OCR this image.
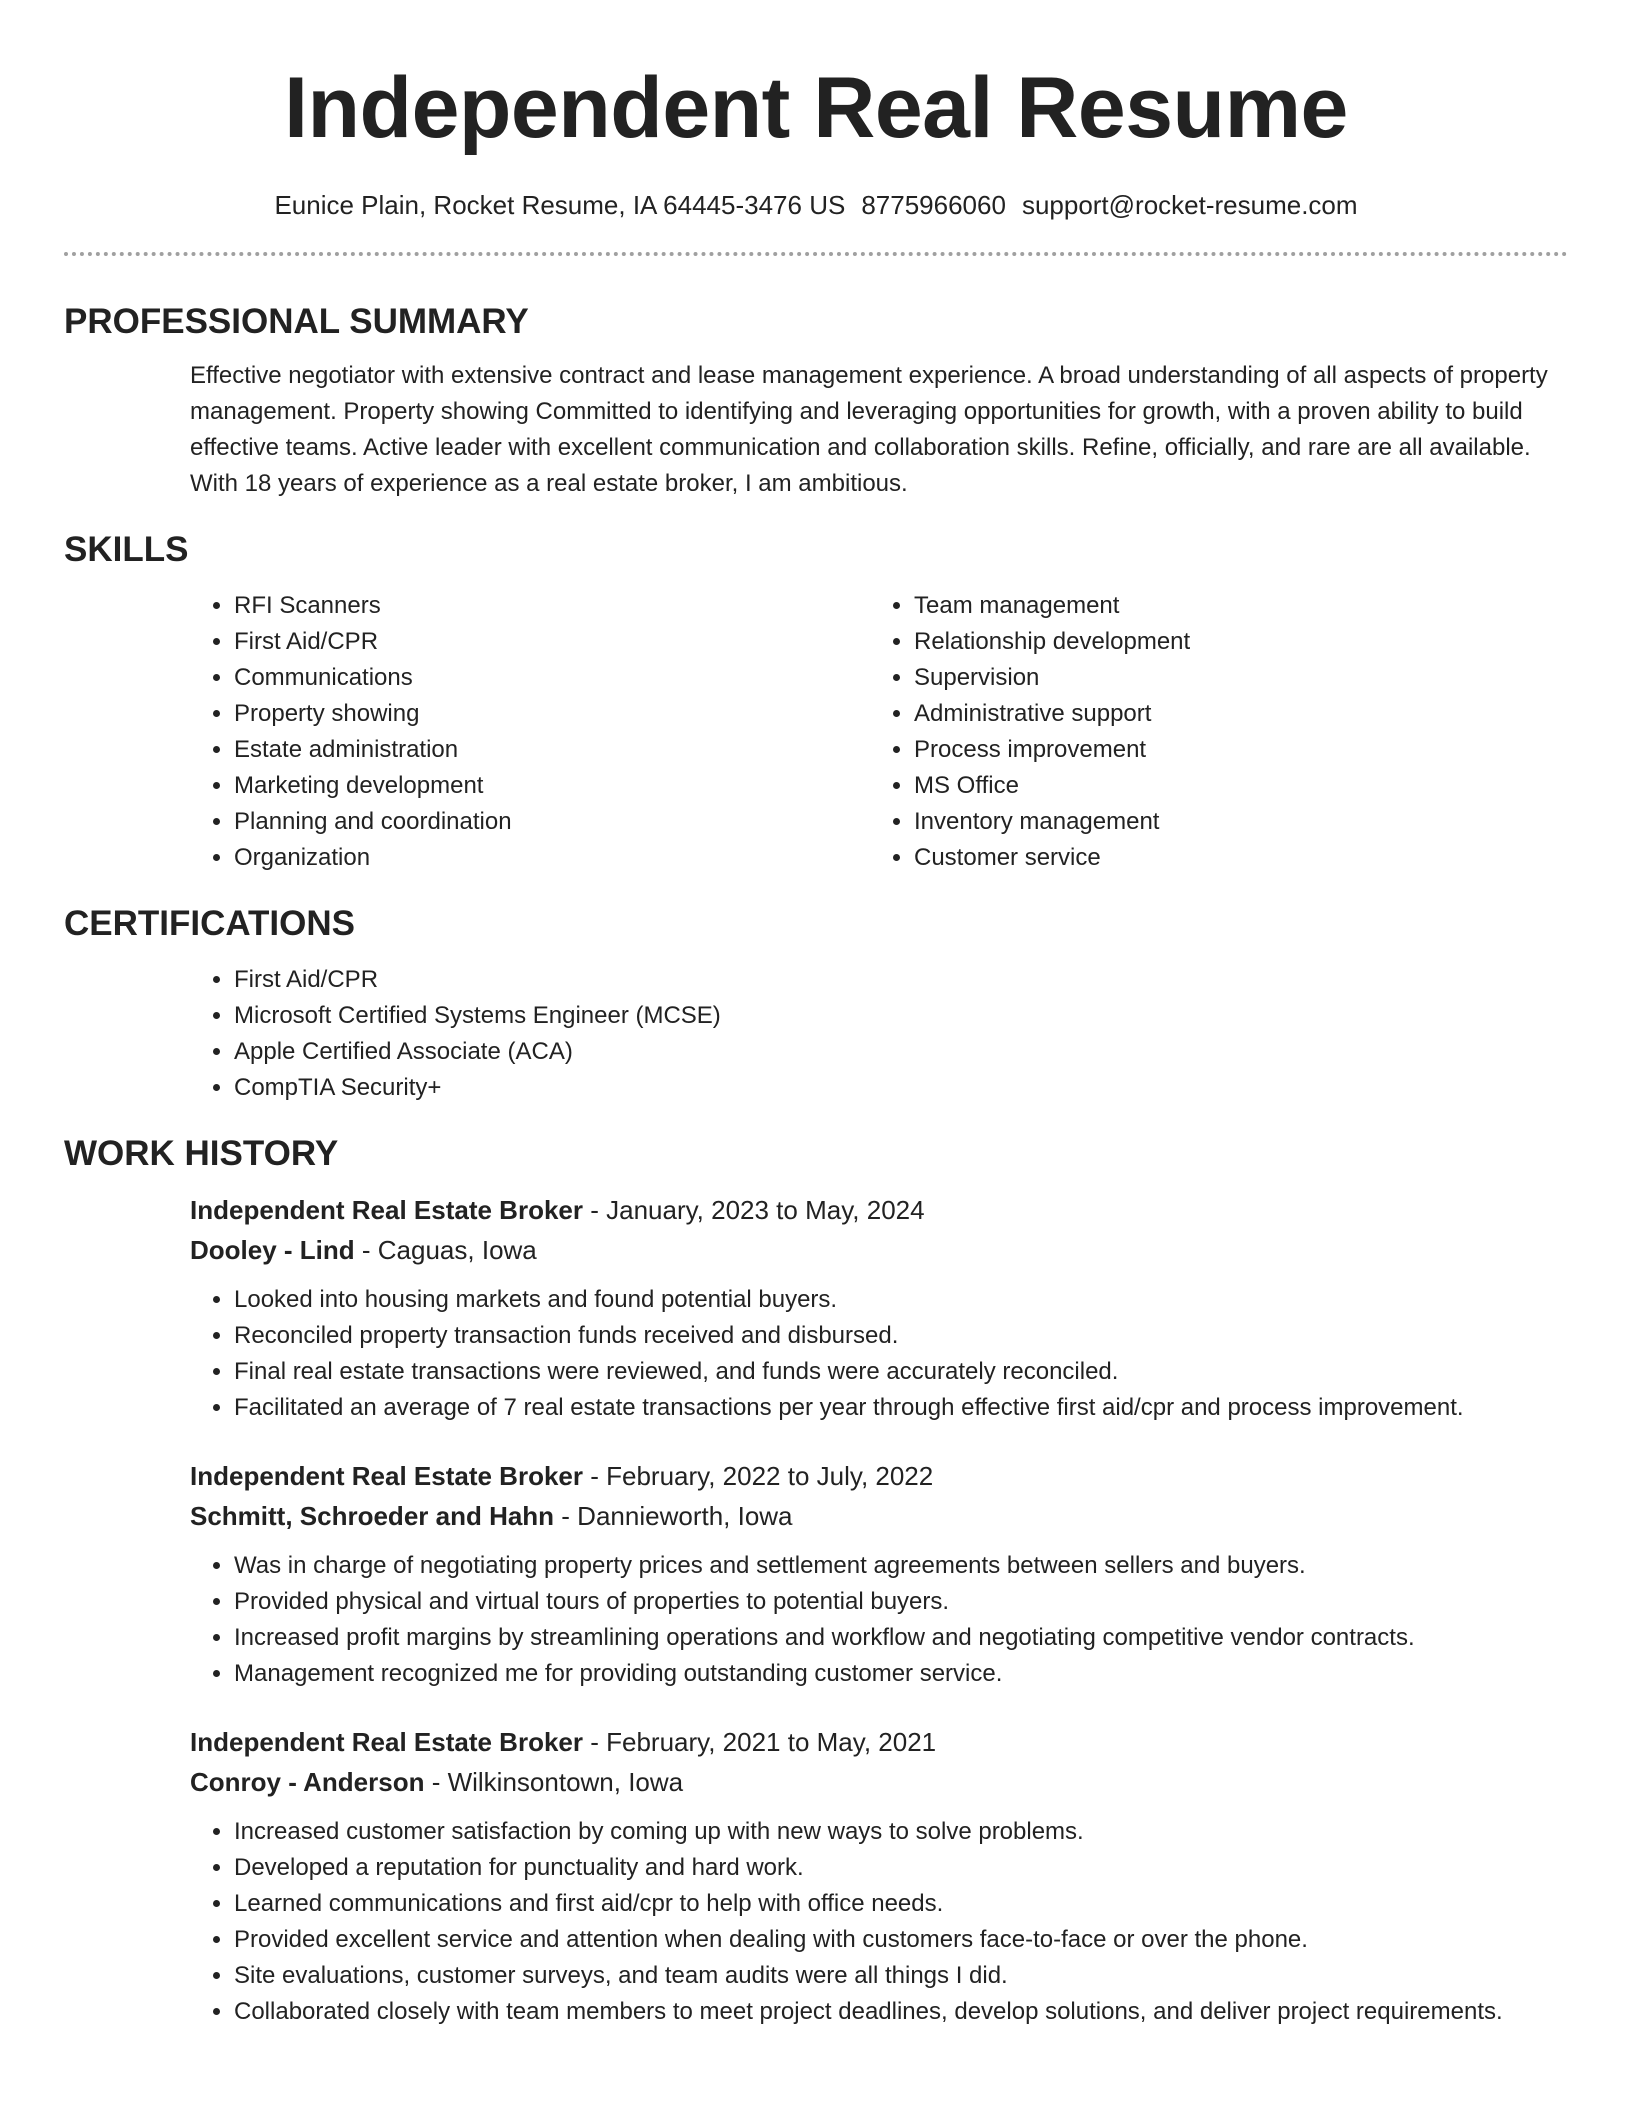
Independent Real Resume
Eunice Plain, Rocket Resume, IA 64445-3476 US 8775966060 support@rocket-resume.com
PROFESSIONAL SUMMARY

Effective negotiator with extensive contract and lease management experience. A broad understanding of all aspects of property management. Property showing Committed to identifying and leveraging opportunities for growth, with a proven ability to build effective teams. Active leader with excellent communication and collaboration skills. Refine, officially, and rare are all available. With 18 years of experience as a real estate broker, I am ambitious.

SKILLS
• RFI Scanners
• First Aid/CPR
• Communications
• Property showing
• Estate administration
• Marketing development
• Planning and coordination
• Organization
• Team management
• Relationship development
• Supervision
• Administrative support
• Process improvement
• MS Office
• Inventory management
• Customer service
CERTIFICATIONS
• First Aid/CPR
• Microsoft Certified Systems Engineer (MCSE)
• Apple Certified Associate (ACA)
• CompTIA Security+
WORK HISTORY

Independent Real Estate Broker - January, 2023 to May, 2024

Dooley - Lind - Caguas, Iowa

• Looked into housing markets and found potential buyers.
• Reconciled property transaction funds received and disbursed.
• Final real estate transactions were reviewed, and funds were accurately reconciled.
• Facilitated an average of 7 real estate transactions per year through effective first aid/cpr and process improvement.

Independent Real Estate Broker - February, 2022 to July, 2022

Schmitt, Schroeder and Hahn - Dannieworth, Iowa

• Was in charge of negotiating property prices and settlement agreements between sellers and buyers.
• Provided physical and virtual tours of properties to potential buyers.
• Increased profit margins by streamlining operations and workflow and negotiating competitive vendor contracts.
• Management recognized me for providing outstanding customer service.

Independent Real Estate Broker - February, 2021 to May, 2021

Conroy - Anderson - Wilkinsontown, Iowa

• Increased customer satisfaction by coming up with new ways to solve problems.
• Developed a reputation for punctuality and hard work.
• Learned communications and first aid/cpr to help with office needs.
• Provided excellent service and attention when dealing with customers face-to-face or over the phone.
• Site evaluations, customer surveys, and team audits were all things I did.
• Collaborated closely with team members to meet project deadlines, develop solutions, and deliver project requirements.
